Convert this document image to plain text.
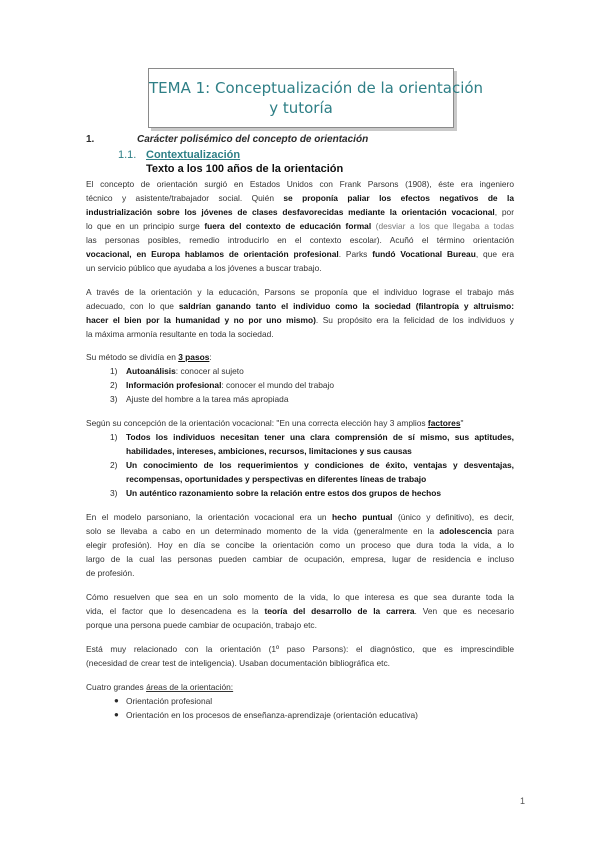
TEMA 1: Conceptualización de la orientación
y tutoría
1.	Carácter polisémico del concepto de orientación
1.1. Contextualización
Texto a los 100 años de la orientación
El concepto de orientación surgió en Estados Unidos con Frank Parsons (1908), éste era ingeniero
técnico y asistente/trabajador social. Quién se proponía paliar los efectos negativos de la
industrialización sobre los jóvenes de clases desfavorecidas mediante la orientación vocacional, por
lo que en un principio surge fuera del contexto de educación formal (desviar a los que llegaba a todas
las personas posibles, remedio introducirlo en el contexto escolar). Acuñó el término orientación
vocacional, en Europa hablamos de orientación profesional. Parks fundó Vocational Bureau, que era
un servicio público que ayudaba a los jóvenes a buscar trabajo.
A través de la orientación y la educación, Parsons se proponía que el individuo lograse el trabajo más
adecuado, con lo que saldrían ganando tanto el individuo como la sociedad (filantropía y altruismo:
hacer el bien por la humanidad y no por uno mismo). Su propósito era la felicidad de los individuos y
la máxima armonía resultante en toda la sociedad.
Su método se dividía en 3 pasos:
1) Autoanálisis: conocer al sujeto
2) Información profesional: conocer el mundo del trabajo
3) Ajuste del hombre a la tarea más apropiada
Según su concepción de la orientación vocacional: "En una correcta elección hay 3 amplios factores"
1) Todos los individuos necesitan tener una clara comprensión de sí mismo, sus aptitudes,
habilidades, intereses, ambiciones, recursos, limitaciones y sus causas
2) Un conocimiento de los requerimientos y condiciones de éxito, ventajas y desventajas,
recompensas, oportunidades y perspectivas en diferentes líneas de trabajo
3) Un auténtico razonamiento sobre la relación entre estos dos grupos de hechos
En el modelo parsoniano, la orientación vocacional era un hecho puntual (único y definitivo), es decir,
solo se llevaba a cabo en un determinado momento de la vida (generalmente en la adolescencia para
elegir profesión). Hoy en día se concibe la orientación como un proceso que dura toda la vida, a lo
largo de la cual las personas pueden cambiar de ocupación, empresa, lugar de residencia e incluso
de profesión.
Cómo resuelven que sea en un solo momento de la vida, lo que interesa es que sea durante toda la
vida, el factor que lo desencadena es la teoría del desarrollo de la carrera. Ven que es necesario
porque una persona puede cambiar de ocupación, trabajo etc.
Está muy relacionado con la orientación (1º paso Parsons): el diagnóstico, que es imprescindible
(necesidad de crear test de inteligencia). Usaban documentación bibliográfica etc.
Cuatro grandes áreas de la orientación:
● Orientación profesional
● Orientación en los procesos de enseñanza-aprendizaje (orientación educativa)
1
